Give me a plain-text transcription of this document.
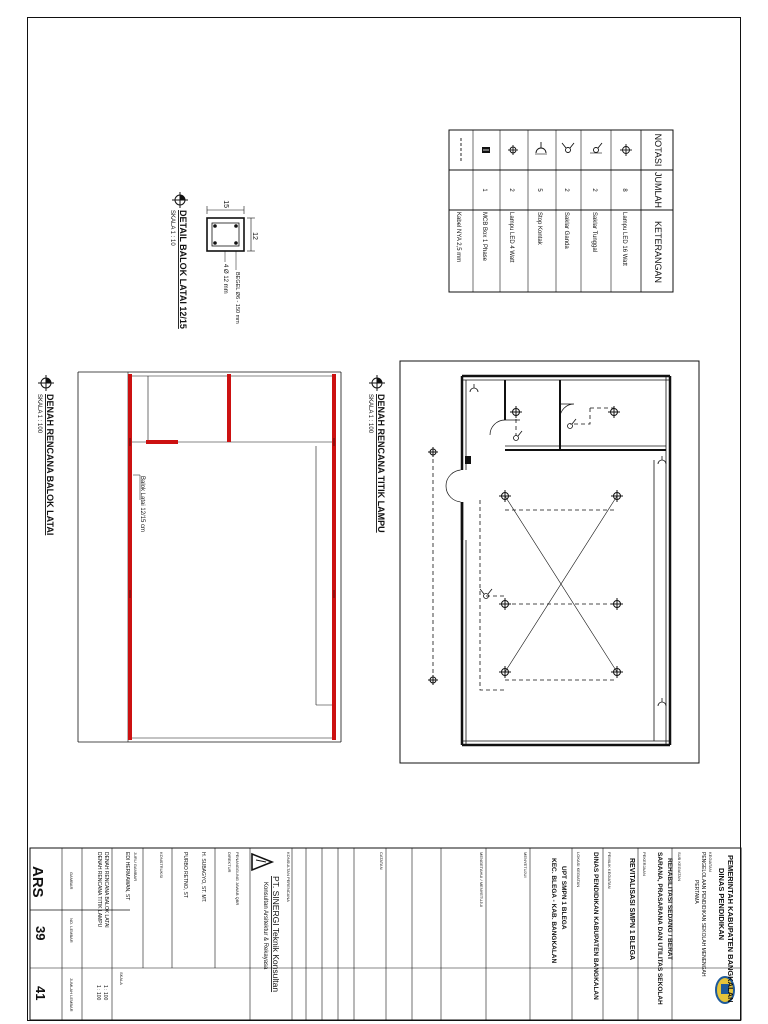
NOTASI
JUMLAH
KETERANGAN
8
Lampu LED 16 Watt
2
Saklar Tunggal
2
Saklar Ganda
5
Stop Kontak
2
Lampu LED 4 Watt
1
MCB Box 1 Phase
Kabel NYA 2,5 mm
15
12
4 Ø 12 mm BEGEL Ø6 - 150 mm
DETAIL BALOK LATAI 12/15
SKALA 1 : 10
DENAH RENCANA TITIK LAMPU
SKALA 1 : 100
Balok Latai 12/15 cm
DENAH RENCANA BALOK LATAI
SKALA 1 : 100
PEMERINTAH KABUPATEN BANGKALAN
DINAS PENDIDIKAN
KEGIATAN
PENGELOLAAN PENDIDIKAN SEKOLAH MENENGAH
PERTAMA
SUB KEGIATAN
REHABILITASI SEDANG / BERAT
SARANA, PRASARANA DAN UTILITAS SEKOLAH
PEKERJAAN
REVITALISASI SMPN 1 BLEGA
PEMILIK KEGIATAN
DINAS PENDIDIKAN KABUPATEN BANGKALAN
LOKASI KEGIATAN
UPT SMPN 1 BLEGA
KEC. BLEGA - KAB. BANGKALAN
MENYETUJUI
MENGETAHUI / MENYETUJUI
CATATAN
KONSULTAN PERENCANA
PT. SINERGI Teknik Konsultan
Konsultan Arsitektur & Rekayasa
PENANGGUNG JAWAB QBR
DIREKTUR
H. SUBAGYO, ST. MT.
KONSTRUKSI	PURBO RETNO, ST
JURU GAMBAR
EDI HERMAWAN, ST
DENAH RENCANA BALOK LATAI
DENAH RENCANA TITIK LAMPU
SKALA
1 : 100
1 : 100
GAMBAR
ARS
NO. LEMBAR
39
JUMLAH LEMBAR
41
